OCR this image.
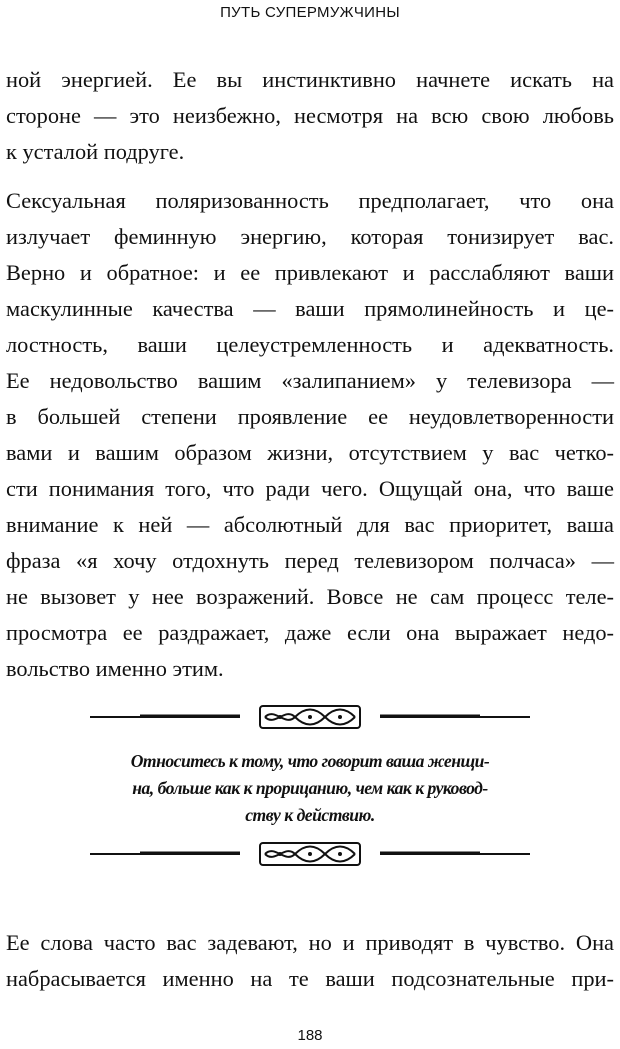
ПУТЬ СУПЕРМУЖЧИНЫ
ной энергией. Ее вы инстинктивно начнете искать на
стороне — это неизбежно, несмотря на всю свою любовь
к усталой подруге.
Сексуальная поляризованность предполагает, что она
излучает феминную энергию, которая тонизирует вас.
Верно и обратное: и ее привлекают и расслабляют ваши
маскулинные качества — ваши прямолинейность и це-
лостность, ваши целеустремленность и адекватность.
Ее недовольство вашим «залипанием» у телевизора —
в большей степени проявление ее неудовлетворенности
вами и вашим образом жизни, отсутствием у вас четко-
сти понимания того, что ради чего. Ощущай она, что ваше
внимание к ней — абсолютный для вас приоритет, ваша
фраза «я хочу отдохнуть перед телевизором полчаса» —
не вызовет у нее возражений. Вовсе не сам процесс теле-
просмотра ее раздражает, даже если она выражает недо-
вольство именно этим.
Относитесь к тому, что говорит ваша женщи-
на, больше как к прорицанию, чем как к руковод-
ству к действию.
Ее слова часто вас задевают, но и приводят в чувство. Она
набрасывается именно на те ваши подсознательные при-
188
